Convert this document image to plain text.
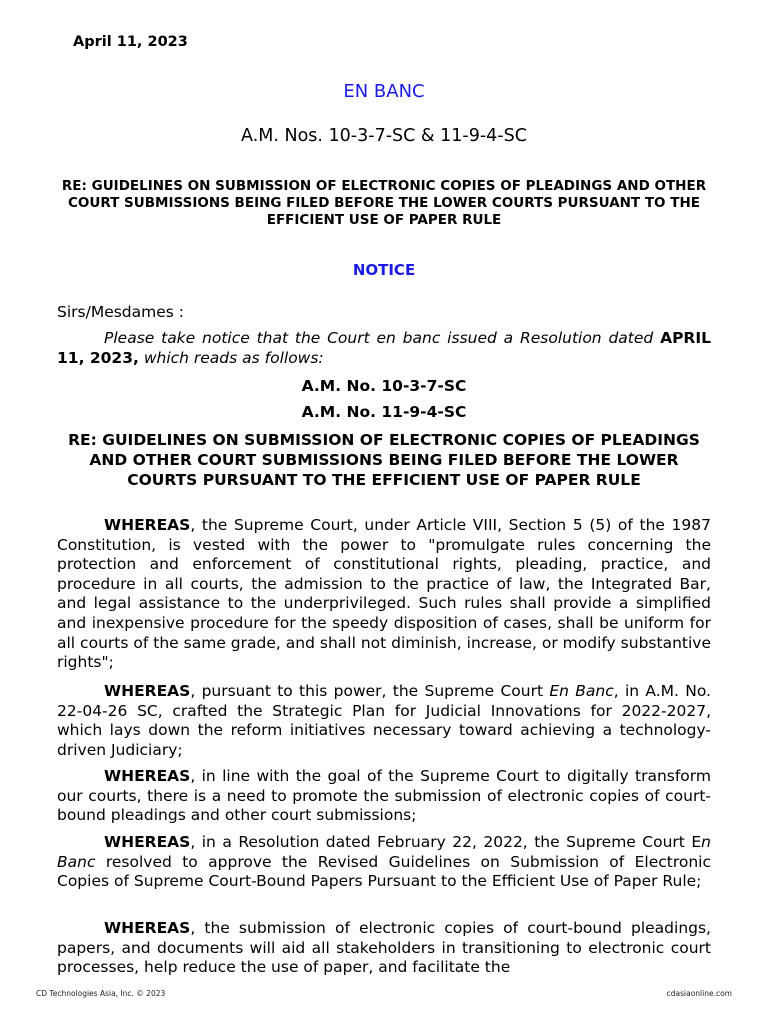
April 11, 2023
EN BANC
A.M. Nos. 10-3-7-SC & 11-9-4-SC
RE: GUIDELINES ON SUBMISSION OF ELECTRONIC COPIES OF PLEADINGS AND OTHER COURT SUBMISSIONS BEING FILED BEFORE THE LOWER COURTS PURSUANT TO THE EFFICIENT USE OF PAPER RULE
NOTICE
Sirs/Mesdames :
Please take notice that the Court en banc issued a Resolution dated APRIL 11, 2023, which reads as follows:
A.M. No. 10-3-7-SC
A.M. No. 11-9-4-SC
RE: GUIDELINES ON SUBMISSION OF ELECTRONIC COPIES OF PLEADINGS AND OTHER COURT SUBMISSIONS BEING FILED BEFORE THE LOWER COURTS PURSUANT TO THE EFFICIENT USE OF PAPER RULE
WHEREAS, the Supreme Court, under Article VIII, Section 5 (5) of the 1987 Constitution, is vested with the power to "promulgate rules concerning the protection and enforcement of constitutional rights, pleading, practice, and procedure in all courts, the admission to the practice of law, the Integrated Bar, and legal assistance to the underprivileged. Such rules shall provide a simplified and inexpensive procedure for the speedy disposition of cases, shall be uniform for all courts of the same grade, and shall not diminish, increase, or modify substantive rights";
WHEREAS, pursuant to this power, the Supreme Court En Banc, in A.M. No. 22-04-26 SC, crafted the Strategic Plan for Judicial Innovations for 2022-2027, which lays down the reform initiatives necessary toward achieving a technology-driven Judiciary;
WHEREAS, in line with the goal of the Supreme Court to digitally transform our courts, there is a need to promote the submission of electronic copies of court-bound pleadings and other court submissions;
WHEREAS, in a Resolution dated February 22, 2022, the Supreme Court En Banc resolved to approve the Revised Guidelines on Submission of Electronic Copies of Supreme Court-Bound Papers Pursuant to the Efficient Use of Paper Rule;
WHEREAS, the submission of electronic copies of court-bound pleadings, papers, and documents will aid all stakeholders in transitioning to electronic court processes, help reduce the use of paper, and facilitate the
CD Technologies Asia, Inc. © 2023	cdasiaonline.com
